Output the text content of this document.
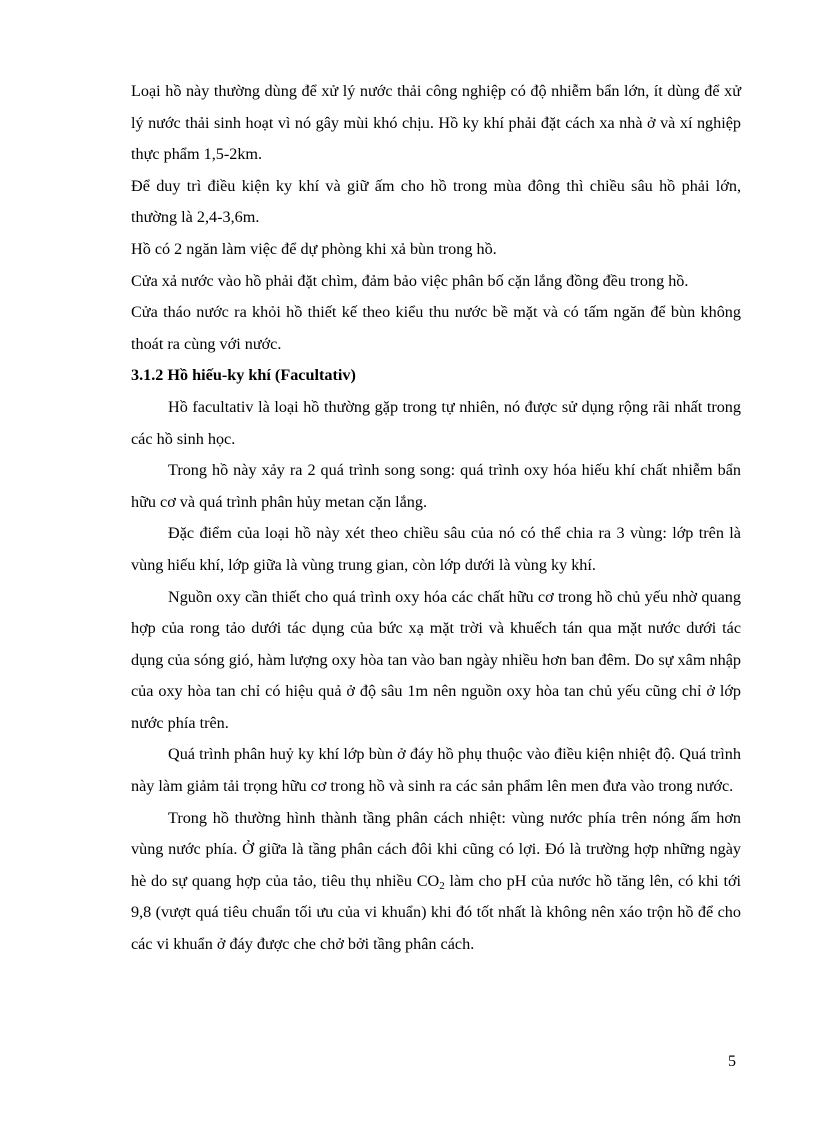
Loại hồ này thường dùng để xử lý nước thải công nghiệp có độ nhiễm bẩn lớn, ít dùng để xử lý nước thải sinh hoạt vì nó gây mùi khó chịu. Hồ ky khí phải đặt cách xa nhà ở và xí nghiệp thực phẩm 1,5-2km.

Để duy trì điều kiện ky khí và giữ ấm cho hồ trong mùa đông thì chiều sâu hồ phải lớn, thường là 2,4-3,6m.

Hồ có 2 ngăn làm việc để dự phòng khi xả bùn trong hồ.

Cửa xả nước vào hồ phải đặt chìm, đảm bảo việc phân bố cặn lắng đồng đều trong hồ.

Cửa tháo nước ra khỏi hồ thiết kế theo kiểu thu nước bề mặt và có tấm ngăn để bùn không thoát ra cùng với nước.

3.1.2 Hồ hiếu-ky khí (Facultativ)

Hồ facultativ là loại hồ thường gặp trong tự nhiên, nó được sử dụng rộng rãi nhất trong các hồ sinh học.

Trong hồ này xảy ra 2 quá trình song song: quá trình oxy hóa hiếu khí chất nhiễm bẩn hữu cơ và quá trình phân hủy metan cặn lắng.

Đặc điểm của loại hồ này xét theo chiều sâu của nó có thể chia ra 3 vùng: lớp trên là vùng hiếu khí, lớp giữa là vùng trung gian, còn lớp dưới là vùng ky khí.

Nguồn oxy cần thiết cho quá trình oxy hóa các chất hữu cơ trong hồ chủ yếu nhờ quang hợp của rong tảo dưới tác dụng của bức xạ mặt trời và khuếch tán qua mặt nước dưới tác dụng của sóng gió, hàm lượng oxy hòa tan vào ban ngày nhiều hơn ban đêm. Do sự xâm nhập của oxy hòa tan chỉ có hiệu quả ở độ sâu 1m nên nguồn oxy hòa tan chủ yếu cũng chỉ ở lớp nước phía trên.

Quá trình phân huỷ ky khí lớp bùn ở đáy hồ phụ thuộc vào điều kiện nhiệt độ. Quá trình này làm giảm tải trọng hữu cơ trong hồ và sinh ra các sản phẩm lên men đưa vào trong nước.

Trong hồ thường hình thành tầng phân cách nhiệt: vùng nước phía trên nóng ấm hơn vùng nước phía. Ở giữa là tầng phân cách đôi khi cũng có lợi. Đó là trường hợp những ngày hè do sự quang hợp của tảo, tiêu thụ nhiều $CO_2$ làm cho pH của nước hồ tăng lên, có khi tới 9,8 (vượt quá tiêu chuẩn tối ưu của vi khuẩn) khi đó tốt nhất là không nên xáo trộn hồ để cho các vi khuẩn ở đáy được che chở bởi tầng phân cách.

5
